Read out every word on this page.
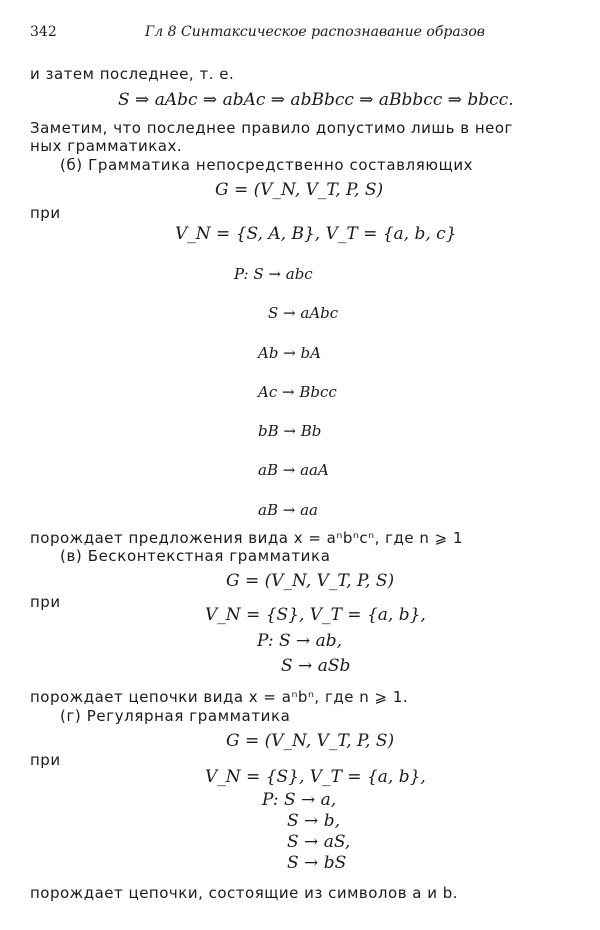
342	Гл 8 Синтаксическое распознавание образов
и затем последнее, т. е.
S ⇒ aAbc ⇒ abAc ⇒ abBbcc ⇒ aBbbcc ⇒ bbcc.
Заметим, что последнее правило допустимо лишь в неог
ных грамматиках.
(б) Грамматика непосредственно составляющих
G = (V_N, V_T, P, S)
при
V_N = {S, A, B}, V_T = {a, b, c}
P: S → abc
S → aAbc
Ab → bA
Ac → Bbcc
bB → Bb
aB → aaA
aB → aa
порождает предложения вида x = aⁿbⁿcⁿ, где n ⩾ 1
(в) Бесконтекстная грамматика
G = (V_N, V_T, P, S)
при
V_N = {S}, V_T = {a, b},
P: S → ab,
S → aSb
порождает цепочки вида x = aⁿbⁿ, где n ⩾ 1.
(г) Регулярная грамматика
G = (V_N, V_T, P, S)
при
V_N = {S}, V_T = {a, b},
P: S → a,
S → b,
S → aS,
S → bS
порождает цепочки, состоящие из символов a и b.
